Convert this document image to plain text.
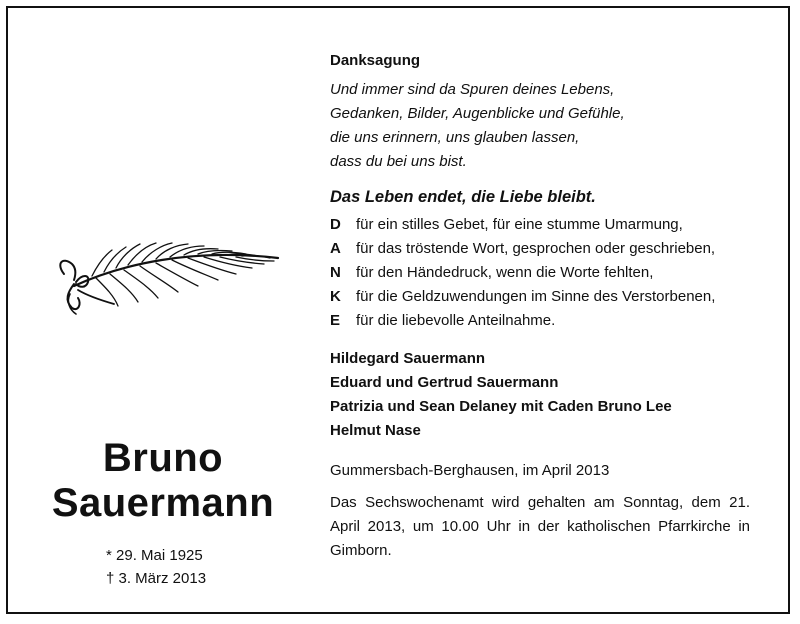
Bruno
Sauermann
* 29. Mai 1925
† 3. März 2013
Danksagung
Und immer sind da Spuren deines Lebens,
Gedanken, Bilder, Augenblicke und Gefühle,
die uns erinnern, uns glauben lassen,
dass du bei uns bist.
Das Leben endet, die Liebe bleibt.
D	für ein stilles Gebet, für eine stumme Umarmung,
A	für das tröstende Wort, gesprochen oder geschrieben,
N	für den Händedruck, wenn die Worte fehlten,
K	für die Geldzuwendungen im Sinne des Verstorbenen,
E	für die liebevolle Anteilnahme.
Hildegard Sauermann
Eduard und Gertrud Sauermann
Patrizia und Sean Delaney mit Caden Bruno Lee
Helmut Nase
Gummersbach-Berghausen, im April 2013
Das Sechswochenamt wird gehalten am Sonntag, dem 21. April 2013, um 10.00 Uhr in der katholischen Pfarrkirche in Gimborn.
